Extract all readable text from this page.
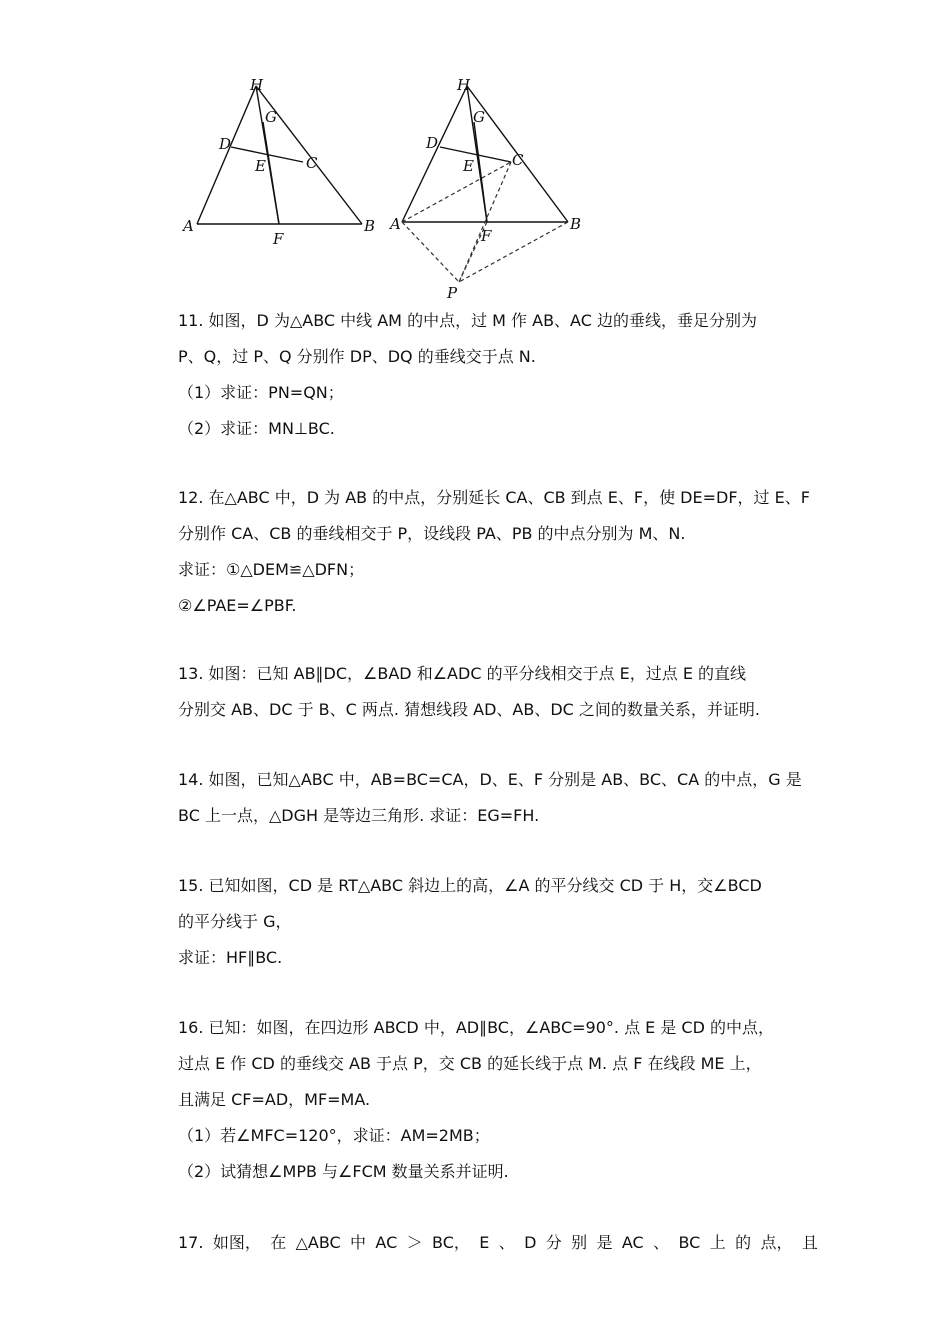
H
G
D
C
E
A
F
B
H
G
D
C
E
A
F
B
P
11. 如图，D 为△ABC 中线 AM 的中点，过 M 作 AB、AC 边的垂线，垂足分别为
P、Q，过 P、Q 分别作 DP、DQ 的垂线交于点 N.
（1）求证：PN=QN；
（2）求证：MN⊥BC.
12. 在△ABC 中，D 为 AB 的中点，分别延长 CA、CB 到点 E、F，使 DE=DF，过 E、F
分别作 CA、CB 的垂线相交于 P，设线段 PA、PB 的中点分别为 M、N.
求证：①△DEM≌△DFN；
②∠PAE=∠PBF.
13. 如图：已知 AB∥DC，∠BAD 和∠ADC 的平分线相交于点 E，过点 E 的直线
分别交 AB、DC 于 B、C 两点. 猜想线段 AD、AB、DC 之间的数量关系，并证明.
14. 如图，已知△ABC 中，AB=BC=CA，D、E、F 分别是 AB、BC、CA 的中点，G 是
BC 上一点，△DGH 是等边三角形. 求证：EG=FH.
15. 已知如图，CD 是 RT△ABC 斜边上的高，∠A 的平分线交 CD 于 H，交∠BCD
的平分线于 G，
求证：HF∥BC.
16. 已知：如图，在四边形 ABCD 中，AD∥BC，∠ABC=90°. 点 E 是 CD 的中点，
过点 E 作 CD 的垂线交 AB 于点 P，交 CB 的延长线于点 M. 点 F 在线段 ME 上，
且满足 CF=AD，MF=MA.
（1）若∠MFC=120°，求证：AM=2MB；
（2）试猜想∠MPB 与∠FCM 数量关系并证明.
17. 如图， 在 △ABC 中 AC ＞ BC， E 、 D 分 别 是 AC 、 BC 上 的 点， 且
